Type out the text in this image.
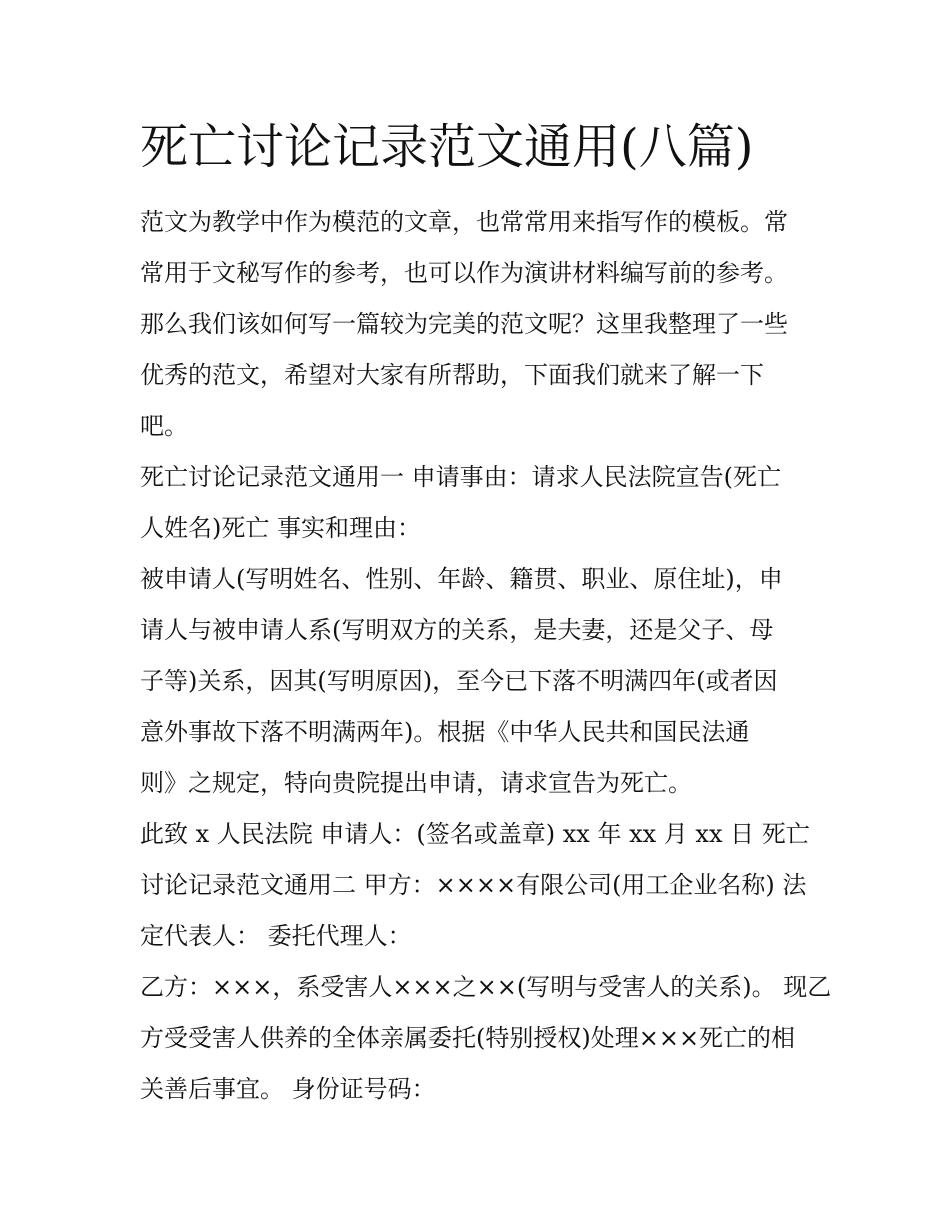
死亡讨论记录范文通用(八篇)

范文为教学中作为模范的文章，也常常用来指写作的模板。常
常用于文秘写作的参考，也可以作为演讲材料编写前的参考。
那么我们该如何写一篇较为完美的范文呢？这里我整理了一些
优秀的范文，希望对大家有所帮助，下面我们就来了解一下
吧。

死亡讨论记录范文通用一 申请事由：请求人民法院宣告(死亡
人姓名)死亡 事实和理由：

被申请人(写明姓名、性别、年龄、籍贯、职业、原住址)，申
请人与被申请人系(写明双方的关系，是夫妻，还是父子、母
子等)关系，因其(写明原因)，至今已下落不明满四年(或者因
意外事故下落不明满两年)。根据《中华人民共和国民法通
则》之规定，特向贵院提出申请，请求宣告为死亡。

此致 x 人民法院 申请人：(签名或盖章) xx 年 xx 月 xx 日 死亡
讨论记录范文通用二 甲方：××××有限公司(用工企业名称) 法
定代表人： 委托代理人：

乙方：×××，系受害人×××之××(写明与受害人的关系)。 现乙
方受受害人供养的全体亲属委托(特别授权)处理×××死亡的相
关善后事宜。 身份证号码：
